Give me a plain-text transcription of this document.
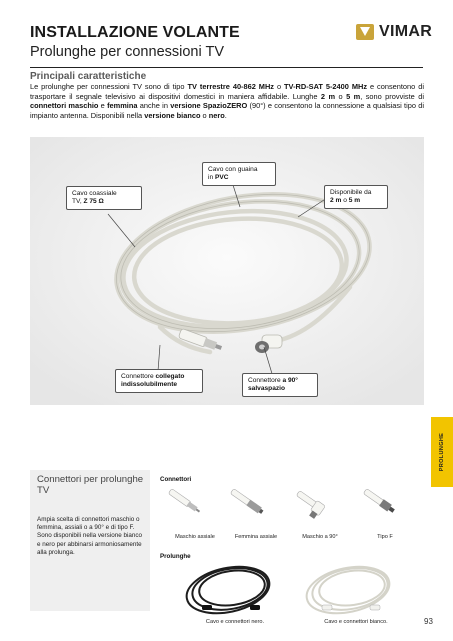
INSTALLAZIONE VOLANTE
Prolunghe per connessioni TV
VIMAR
Principali caratteristiche
Le prolunghe per connessioni TV sono di tipo TV terrestre 40-862 MHz o TV-RD-SAT 5-2400 MHz e consentono di trasportare il segnale televisivo ai dispositivi domestici in maniera affidabile. Lunghe 2 m o 5 m, sono provviste di connettori maschio e femmina anche in versione SpazioZERO (90°) e consentono la connessione a qualsiasi tipo di impianto antenna. Disponibili nella versione bianco o nero.
Cavo coassiale
TV, Z 75 Ω
Cavo con guaina
in PVC
Disponibile da
2 m o 5 m
Connettore collegato indissolubilmente
Connettore a 90° salvaspazio
PROLUNGHE
Connettori per prolunghe TV
Ampia scelta di connettori maschio o femmina, assiali o a 90° e di tipo F. Sono disponibili nella versione bianco e nero per abbinarsi armoniosamente alla prolunga.
Connettori
Maschio assiale	Femmina assiale	Maschio a 90°	Tipo F
Prolunghe
Cavo e connettori nero.	Cavo e connettori bianco.	93
